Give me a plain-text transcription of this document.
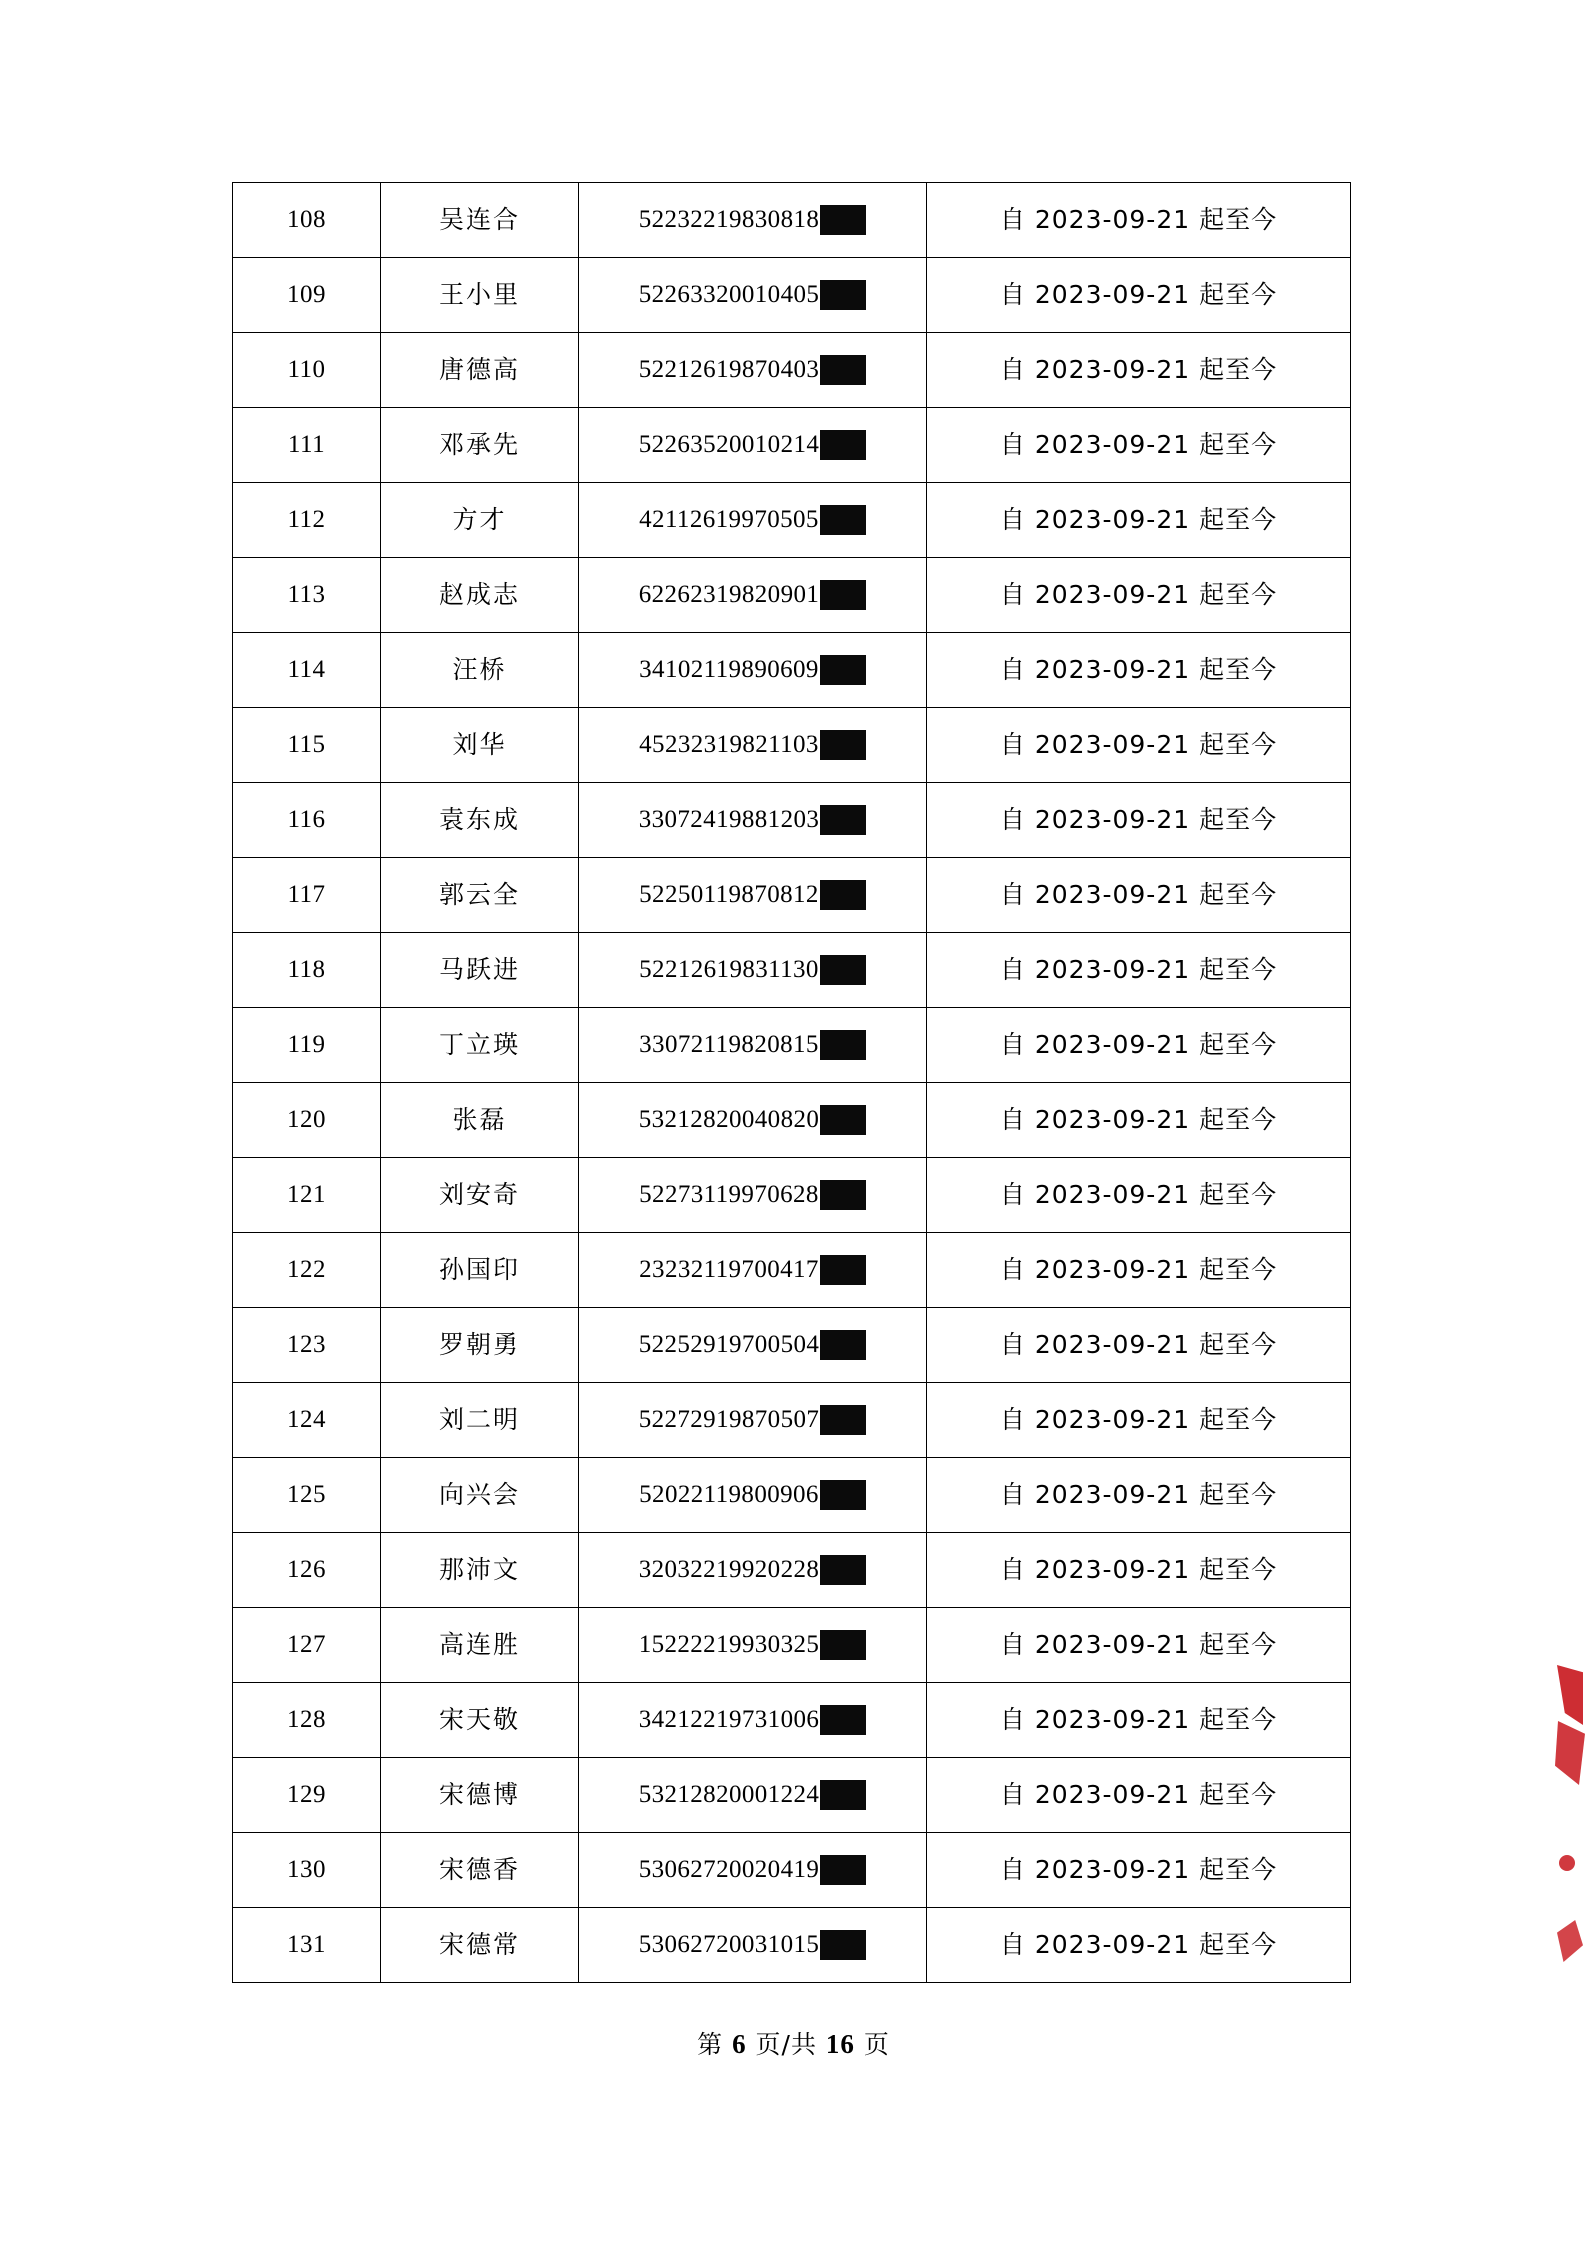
108	吴连合	52232219830818	自 2023-09-21 起至今
109	王小里	52263320010405	自 2023-09-21 起至今
110	唐德高	52212619870403	自 2023-09-21 起至今
111	邓承先	52263520010214	自 2023-09-21 起至今
112	方才	42112619970505	自 2023-09-21 起至今
113	赵成志	62262319820901	自 2023-09-21 起至今
114	汪桥	34102119890609	自 2023-09-21 起至今
115	刘华	45232319821103	自 2023-09-21 起至今
116	袁东成	33072419881203	自 2023-09-21 起至今
117	郭云全	52250119870812	自 2023-09-21 起至今
118	马跃进	52212619831130	自 2023-09-21 起至今
119	丁立瑛	33072119820815	自 2023-09-21 起至今
120	张磊	53212820040820	自 2023-09-21 起至今
121	刘安奇	52273119970628	自 2023-09-21 起至今
122	孙国印	23232119700417	自 2023-09-21 起至今
123	罗朝勇	52252919700504	自 2023-09-21 起至今
124	刘二明	52272919870507	自 2023-09-21 起至今
125	向兴会	52022119800906	自 2023-09-21 起至今
126	那沛文	32032219920228	自 2023-09-21 起至今
127	高连胜	15222219930325	自 2023-09-21 起至今
128	宋天敬	34212219731006	自 2023-09-21 起至今
129	宋德博	53212820001224	自 2023-09-21 起至今
130	宋德香	53062720020419	自 2023-09-21 起至今
131	宋德常	53062720031015	自 2023-09-21 起至今
第 6 页/共 16 页
